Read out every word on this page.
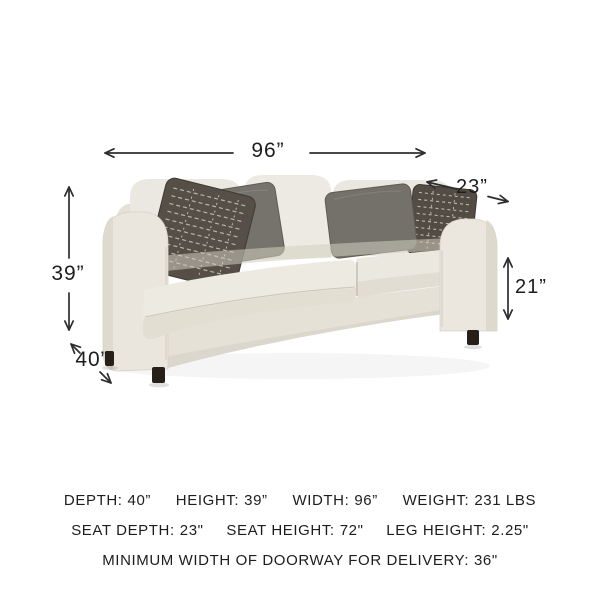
96”
23”
39”
40”
21”
DEPTH: 40” HEIGHT: 39” WIDTH: 96” WEIGHT: 231 LBS
SEAT DEPTH: 23" SEAT HEIGHT: 72" LEG HEIGHT: 2.25"
MINIMUM WIDTH OF DOORWAY FOR DELIVERY: 36"
